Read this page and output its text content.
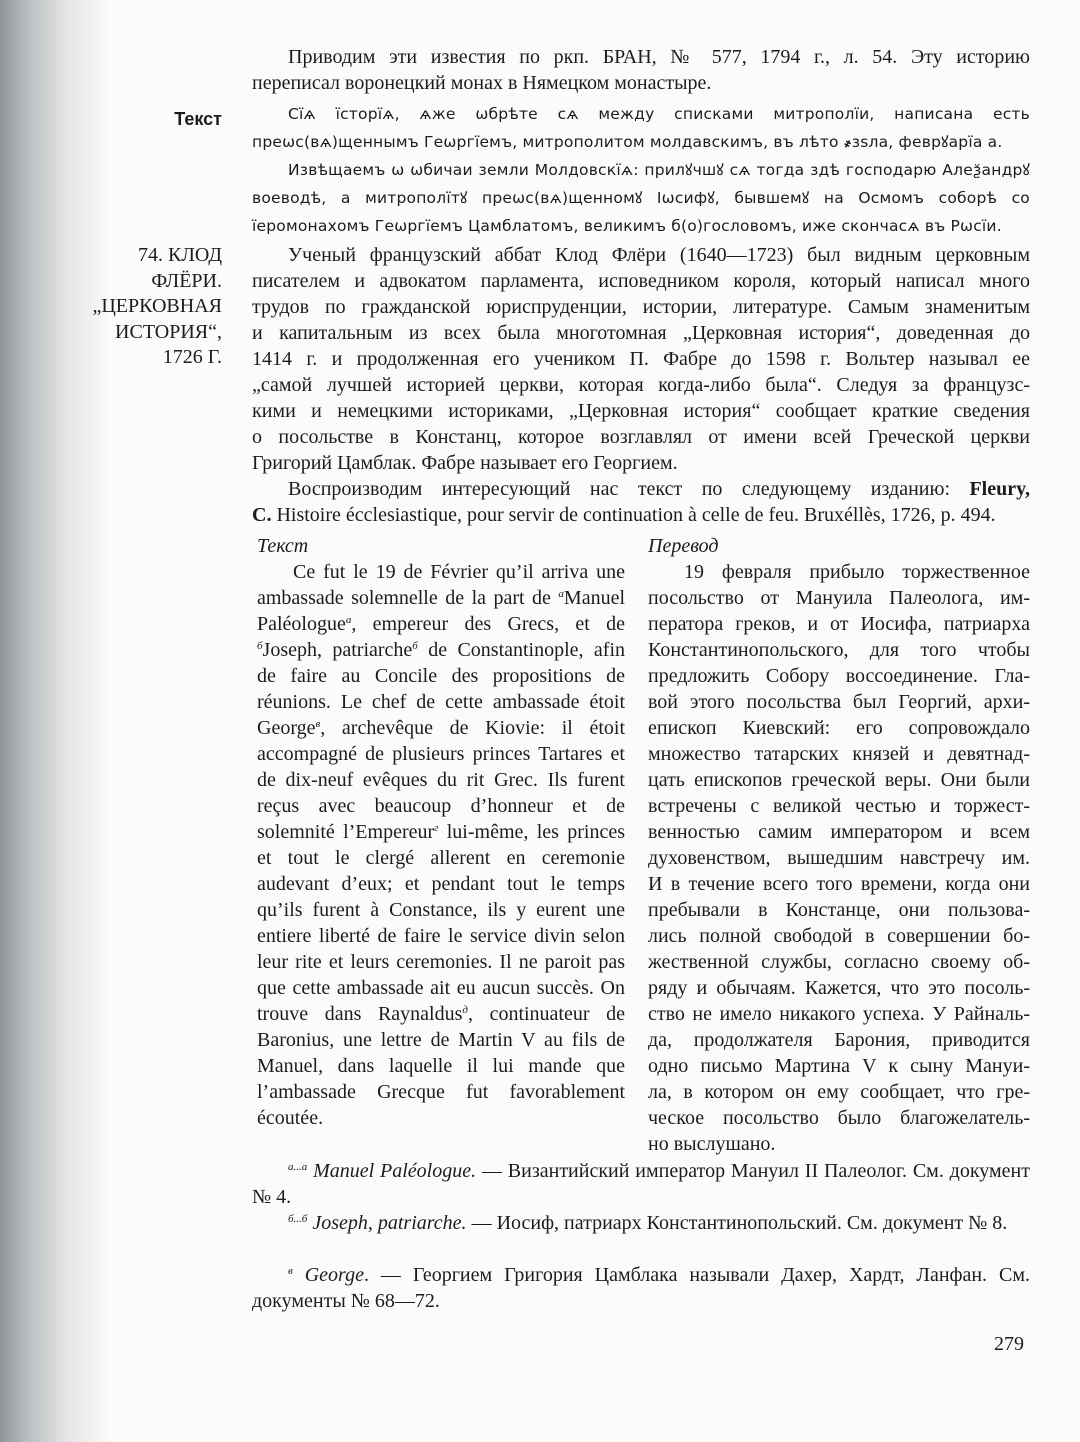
Приводим эти известия по ркп. БРАН, № 577, 1794 г., л. 54. Эту историю
переписал воронецкий монах в Нямецком монастыре.
Текст	Сїѧ їсторїѧ, ѧже ѡбрѣте сѧ между списками митрополїи, написана есть
преѡс(вѧ)щеннымъ Геѡргїемъ, митрополитом молдавскимъ, въ лѣто ҂зѕла, феврꙋарїа а.
Извѣщаемъ ѡ ѡбичаи земли Молдовскїѧ: прилꙋчшꙋ сѧ тогда здѣ господарю Алеѯандрꙋ
воеводѣ, а митрополїтꙋ преѡс(вѧ)щенномꙋ Іѡсифꙋ, бывшемꙋ на Осмомъ соборѣ со
їеромонахомъ Геѡргїемъ Цамблатомъ, великимъ б(о)гословомъ, иже скончасѧ въ Рѡсїи.
74. КЛОД
ФЛЁРИ.
„ЦЕРКОВНАЯ
ИСТОРИЯ“,
1726 Г.
Ученый французский аббат Клод Флёри (1640—1723) был видным церковным
писателем и адвокатом парламента, исповедником короля, который написал много
трудов по гражданской юриспруденции, истории, литературе. Самым знаменитым
и капитальным из всех была многотомная „Церковная история“, доведенная до
1414 г. и продолженная его учеником П. Фабре до 1598 г. Вольтер называл ее
„самой лучшей историей церкви, которая когда-либо была“. Следуя за французс-
кими и немецкими историками, „Церковная история“ сообщает краткие сведения
о посольстве в Констанц, которое возглавлял от имени всей Греческой церкви
Григорий Цамблак. Фабре называет его Георгием.
Воспроизводим интересующий нас текст по следующему изданию: Fleury,
C. Histoire écclesiastique, pour servir de continuation à celle de feu. Bruxéllès, 1726, p. 494.
Текст
Ce fut le 19 de Février qu’il arriva une
ambassade solemnelle de la part de $^а$Manuel
Paléologue$^а$, empereur des Grecs, et de
$^б$Joseph, patriarche$^б$ de Constantinople, afin
de faire au Concile des propositions de
réunions. Le chef de cette ambassade étoit
George$^в$, archevêque de Kiovie: il étoit
accompagné de plusieurs princes Tartares et
de dix-neuf evêques du rit Grec. Ils furent
reçus avec beaucoup d’honneur et de
solemnité l’Empereur$^г$ lui-même, les princes
et tout le clergé allerent en ceremonie
audevant d’eux; et pendant tout le temps
qu’ils furent à Constance, ils y eurent une
entiere liberté de faire le service divin selon
leur rite et leurs ceremonies. Il ne paroit pas
que cette ambassade ait eu aucun succès. On
trouve dans Raynaldus$^д$, continuateur de
Baronius, une lettre de Martin V au fils de
Manuel, dans laquelle il lui mande que
l’ambassade Grecque fut favorablement
écoutée.
Перевод
19 февраля прибыло торжественное
посольство от Мануила Палеолога, им-
ператора греков, и от Иосифа, патриарха
Константинопольского, для того чтобы
предложить Собору воссоединение. Гла-
вой этого посольства был Георгий, архи-
епископ Киевский: его сопровождало
множество татарских князей и девятнад-
цать епископов греческой веры. Они были
встречены с великой честью и торжест-
венностью самим императором и всем
духовенством, вышедшим навстречу им.
И в течение всего того времени, когда они
пребывали в Констанце, они пользова-
лись полной свободой в совершении бо-
жественной службы, согласно своему об-
ряду и обычаям. Кажется, что это посоль-
ство не имело никакого успеха. У Райналь-
да, продолжателя Барония, приводится
одно письмо Мартина V к сыну Мануи-
ла, в котором он ему сообщает, что гре-
ческое посольство было благожелатель-
но выслушано.
$^{а...а}$ Manuel Paléologue. — Византийский император Мануил II Палеолог. См. документ № 4.
$^{б...б}$ Joseph, patriarche. — Иосиф, патриарх Константинопольский. См. документ № 8.
$^в$ George. — Георгием Григория Цамблака называли Дахер, Хардт, Ланфан. См. документы № 68—72.
279
